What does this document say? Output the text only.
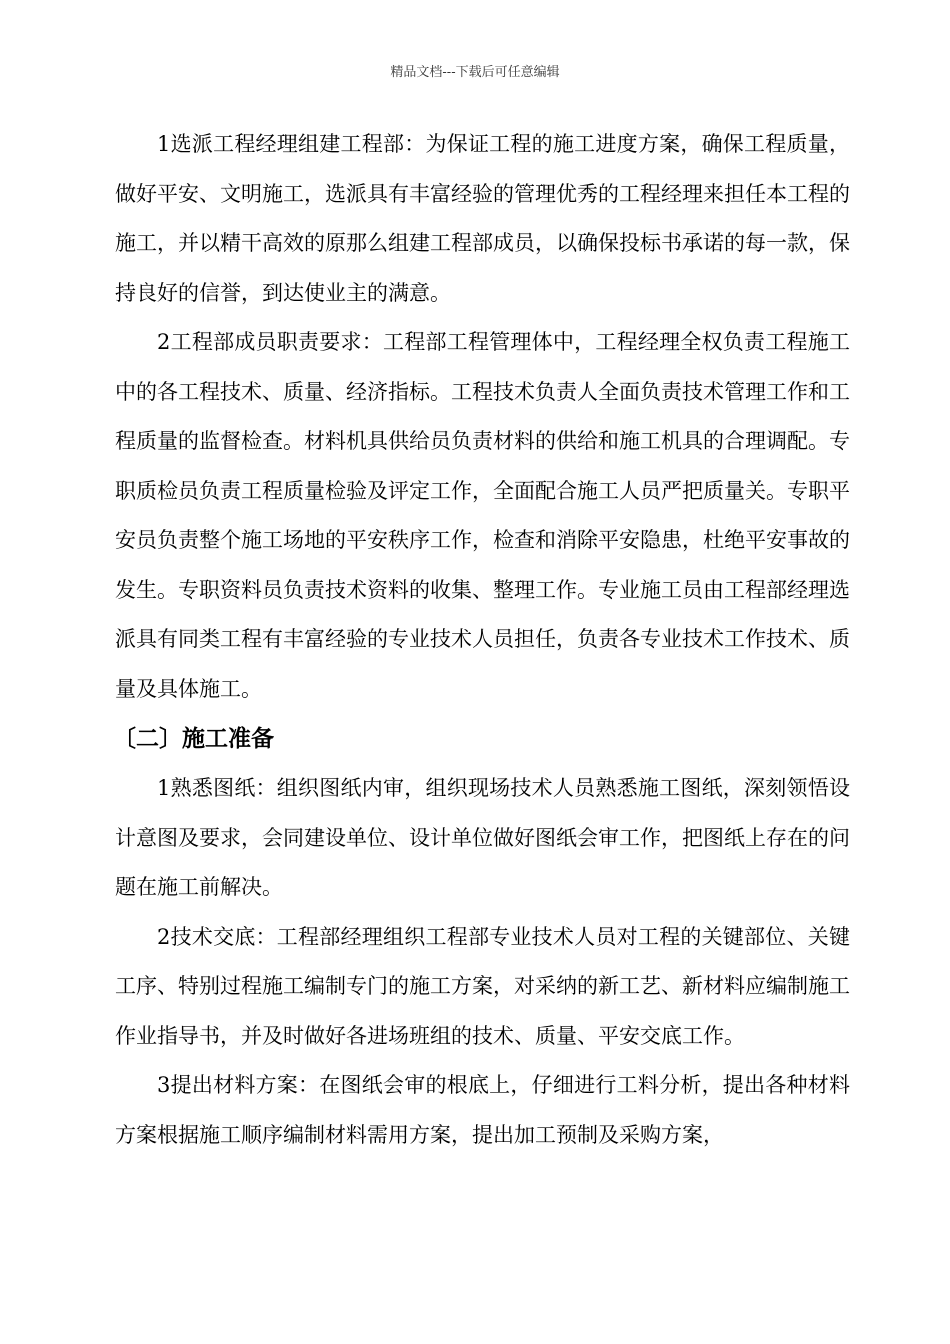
精品文档---下载后可任意编辑

1选派工程经理组建工程部：为保证工程的施工进度方案，确保工程质量，做好平安、文明施工，选派具有丰富经验的管理优秀的工程经理来担任本工程的施工，并以精干高效的原那么组建工程部成员，以确保投标书承诺的每一款，保持良好的信誉，到达使业主的满意。

2工程部成员职责要求：工程部工程管理体中，工程经理全权负责工程施工中的各工程技术、质量、经济指标。工程技术负责人全面负责技术管理工作和工程质量的监督检查。材料机具供给员负责材料的供给和施工机具的合理调配。专职质检员负责工程质量检验及评定工作，全面配合施工人员严把质量关。专职平安员负责整个施工场地的平安秩序工作，检查和消除平安隐患，杜绝平安事故的发生。专职资料员负责技术资料的收集、整理工作。专业施工员由工程部经理选派具有同类工程有丰富经验的专业技术人员担任，负责各专业技术工作技术、质量及具体施工。

〔二〕施工准备

1熟悉图纸：组织图纸内审，组织现场技术人员熟悉施工图纸，深刻领悟设计意图及要求，会同建设单位、设计单位做好图纸会审工作，把图纸上存在的问题在施工前解决。

2技术交底：工程部经理组织工程部专业技术人员对工程的关键部位、关键工序、特别过程施工编制专门的施工方案，对采纳的新工艺、新材料应编制施工作业指导书，并及时做好各进场班组的技术、质量、平安交底工作。

3提出材料方案：在图纸会审的根底上，仔细进行工料分析，提出各种材料方案根据施工顺序编制材料需用方案，提出加工预制及采购方案，
